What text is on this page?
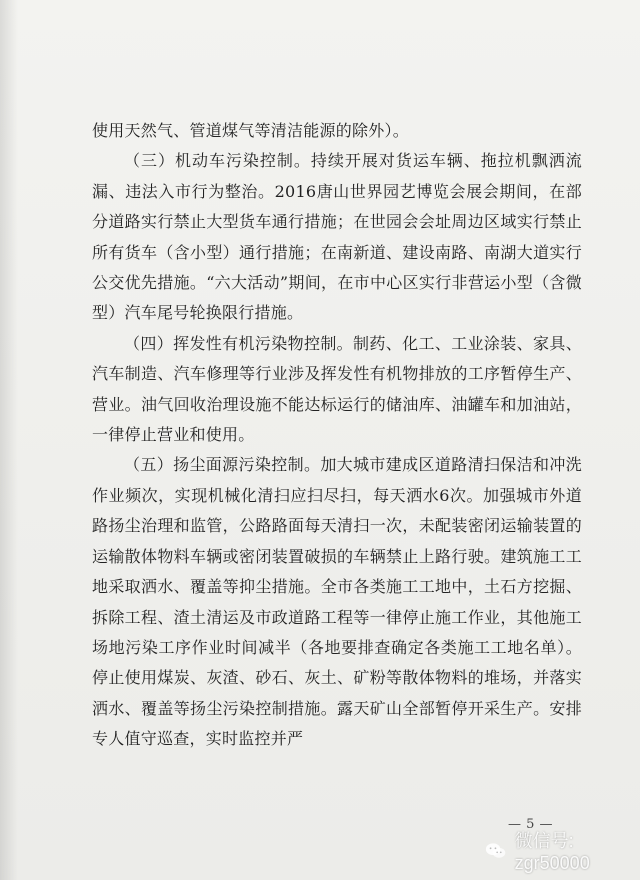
使用天然气、管道煤气等清洁能源的除外）。

（三）机动车污染控制。持续开展对货运车辆、拖拉机飘洒流漏、违法入市行为整治。2016唐山世界园艺博览会展会期间，在部分道路实行禁止大型货车通行措施；在世园会会址周边区域实行禁止所有货车（含小型）通行措施；在南新道、建设南路、南湖大道实行公交优先措施。“六大活动”期间，在市中心区实行非营运小型（含微型）汽车尾号轮换限行措施。

（四）挥发性有机污染物控制。制药、化工、工业涂装、家具、汽车制造、汽车修理等行业涉及挥发性有机物排放的工序暂停生产、营业。油气回收治理设施不能达标运行的储油库、油罐车和加油站，一律停止营业和使用。

（五）扬尘面源污染控制。加大城市建成区道路清扫保洁和冲洗作业频次，实现机械化清扫应扫尽扫，每天洒水6次。加强城市外道路扬尘治理和监管，公路路面每天清扫一次，未配装密闭运输装置的运输散体物料车辆或密闭装置破损的车辆禁止上路行驶。建筑施工工地采取洒水、覆盖等抑尘措施。全市各类施工工地中，土石方挖掘、拆除工程、渣土清运及市政道路工程等一律停止施工作业，其他施工场地污染工序作业时间减半（各地要排查确定各类施工工地名单）。停止使用煤炭、灰渣、砂石、灰土、矿粉等散体物料的堆场，并落实洒水、覆盖等扬尘污染控制措施。露天矿山全部暂停开采生产。安排专人值守巡查，实时监控并严

— 5 —
微信号: zgr50000
